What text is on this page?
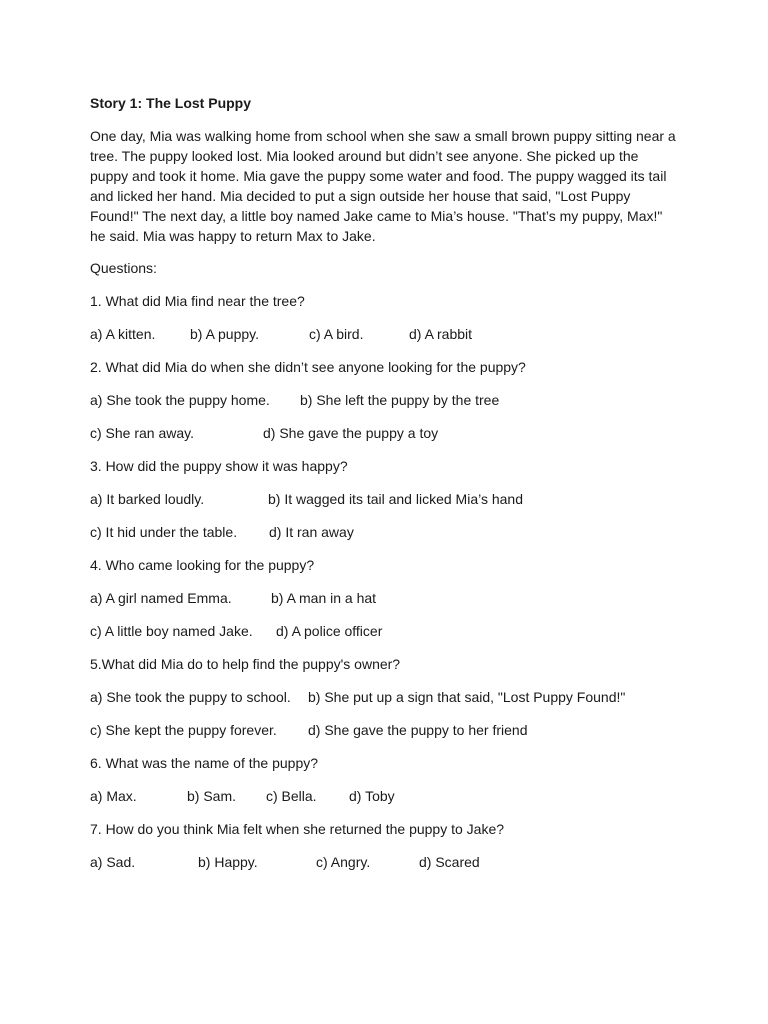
Story 1: The Lost Puppy

One day, Mia was walking home from school when she saw a small brown puppy sitting near a tree. The puppy looked lost. Mia looked around but didn’t see anyone. She picked up the puppy and took it home. Mia gave the puppy some water and food. The puppy wagged its tail and licked her hand. Mia decided to put a sign outside her house that said, "Lost Puppy Found!" The next day, a little boy named Jake came to Mia’s house. "That’s my puppy, Max!" he said. Mia was happy to return Max to Jake.

Questions:

1. What did Mia find near the tree?

a) A kitten. b) A puppy.	c) A bird.	d) A rabbit

2. What did Mia do when she didn’t see anyone looking for the puppy?

a) She took the puppy home. b) She left the puppy by the tree
c) She ran away.	d) She gave the puppy a toy

3. How did the puppy show it was happy?

a) It barked loudly.	b) It wagged its tail and licked Mia’s hand
c) It hid under the table. d) It ran away

4. Who came looking for the puppy?

a) A girl named Emma.	b) A man in a hat
c) A little boy named Jake. d) A police officer

5.What did Mia do to help find the puppy's owner?

a) She took the puppy to school. b) She put up a sign that said, "Lost Puppy Found!"
c) She kept the puppy forever. d) She gave the puppy to her friend

6. What was the name of the puppy?

a) Max.	b) Sam. c) Bella. d) Toby

7. How do you think Mia felt when she returned the puppy to Jake?

a) Sad.	b) Happy.	c) Angry.	d) Scared
